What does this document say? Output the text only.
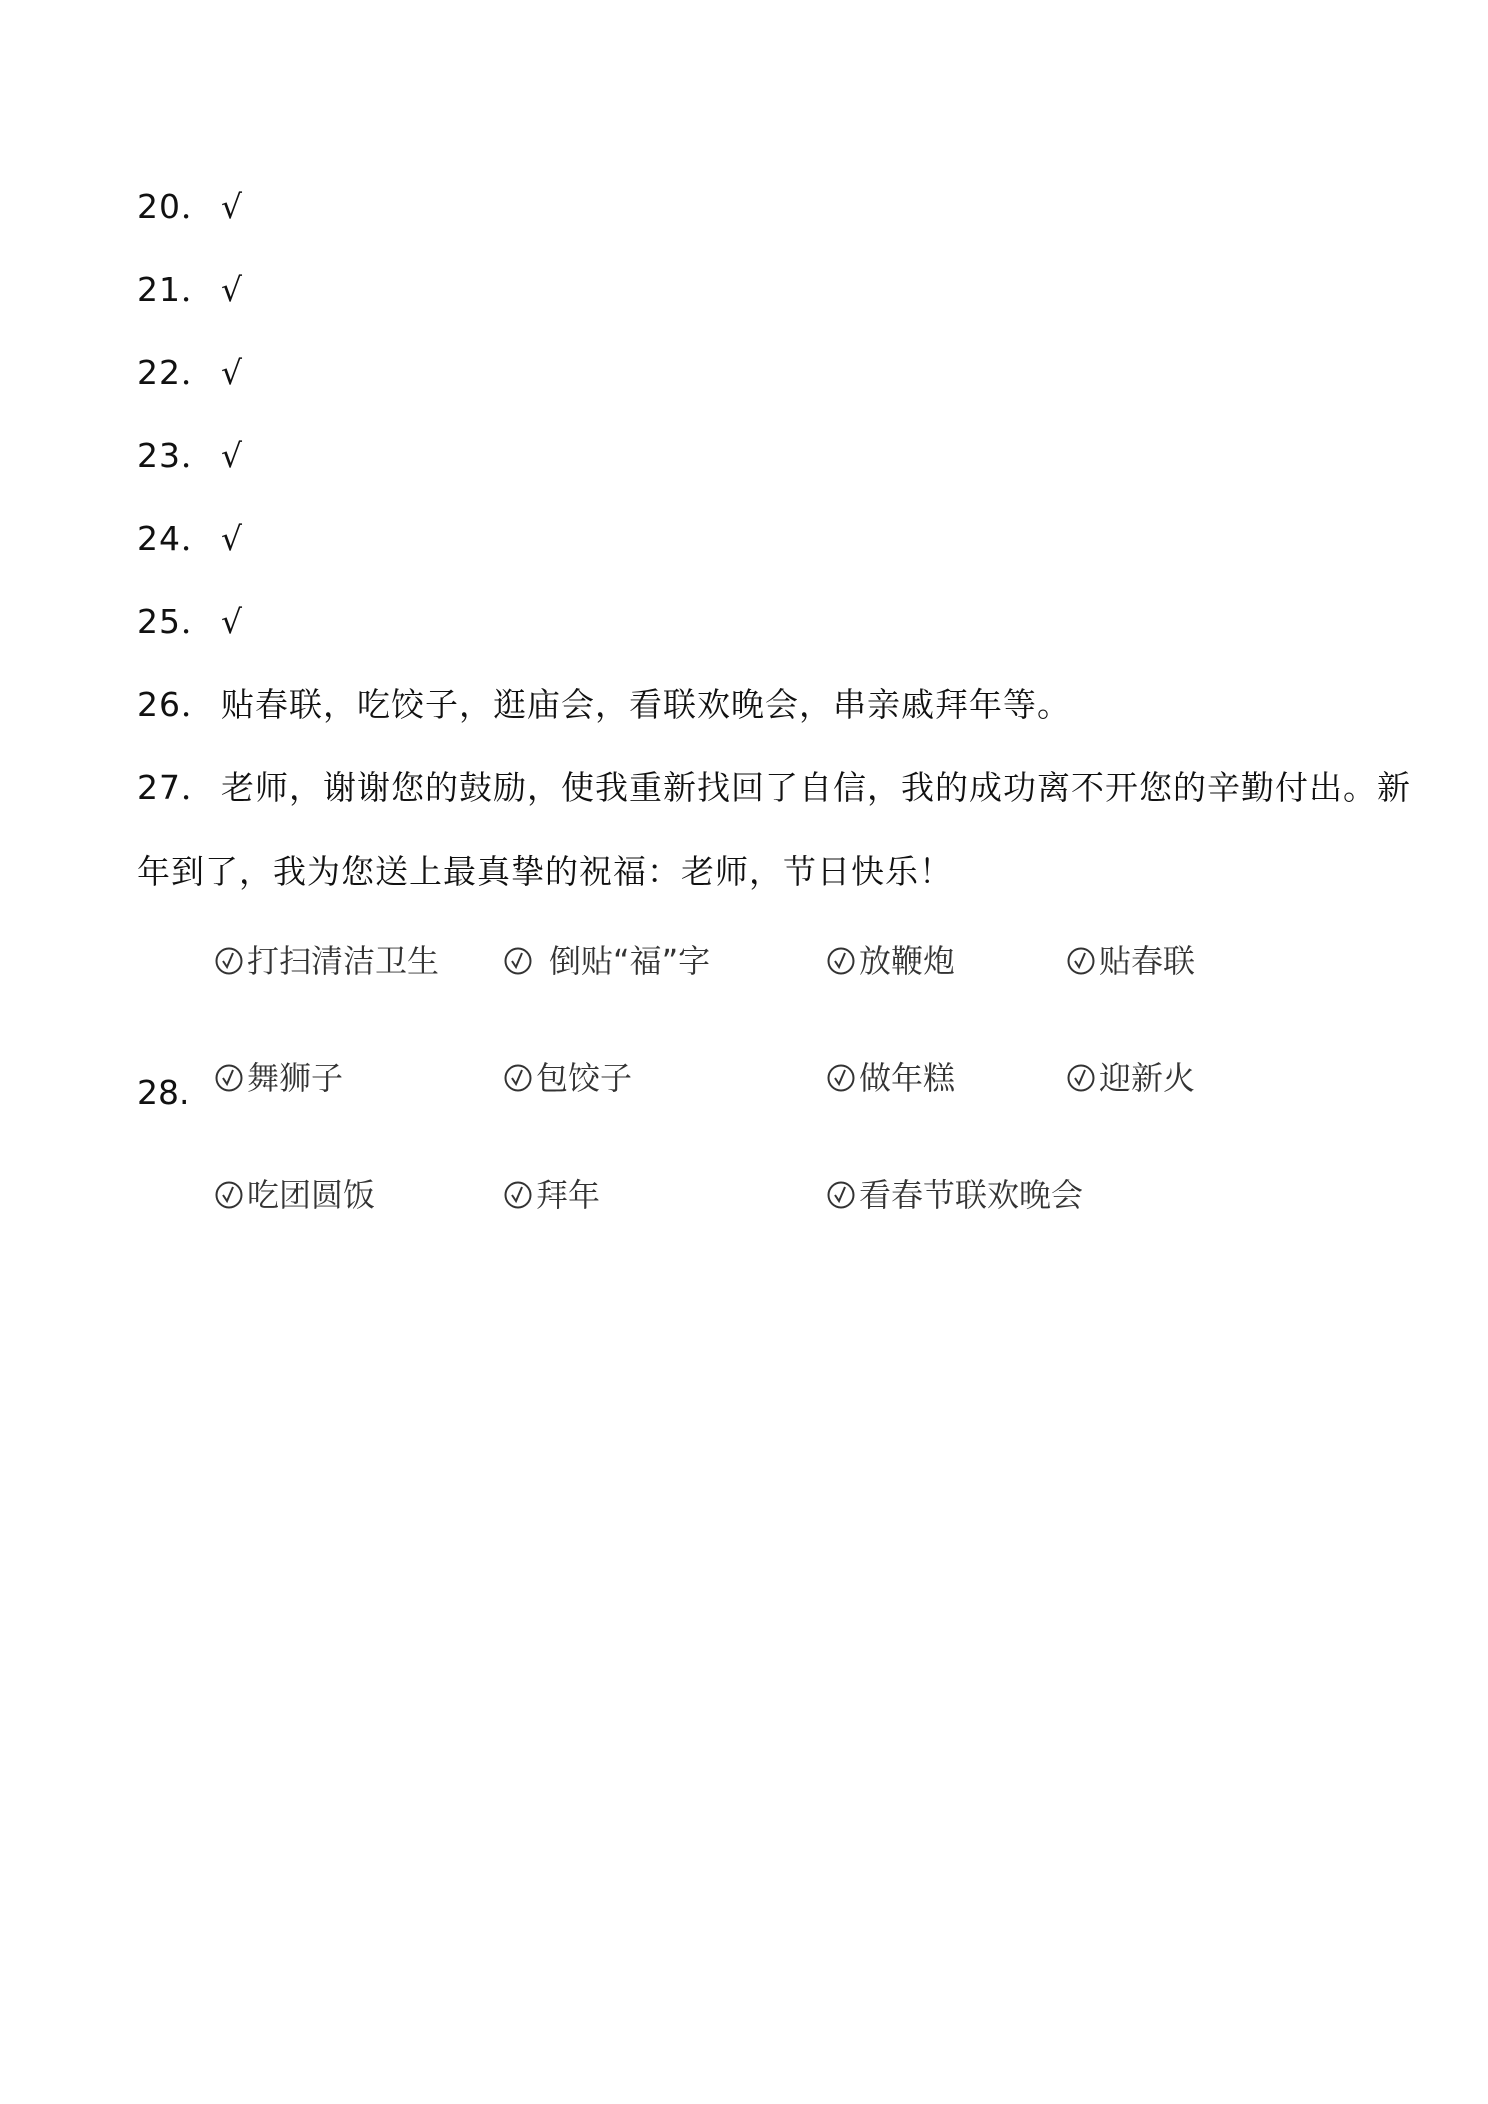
20． √
21． √
22． √
23． √
24． √
25． √
26． 贴春联，吃饺子，逛庙会，看联欢晚会，串亲戚拜年等。
27． 老师，谢谢您的鼓励，使我重新找回了自信，我的成功离不开您的辛勤付出。新
年到了，我为您送上最真挚的祝福：老师，节日快乐！
28.
打扫清洁卫生	倒贴“福”字	放鞭炮	贴春联
舞狮子	包饺子	做年糕	迎新火
吃团圆饭	拜年	看春节联欢晚会
